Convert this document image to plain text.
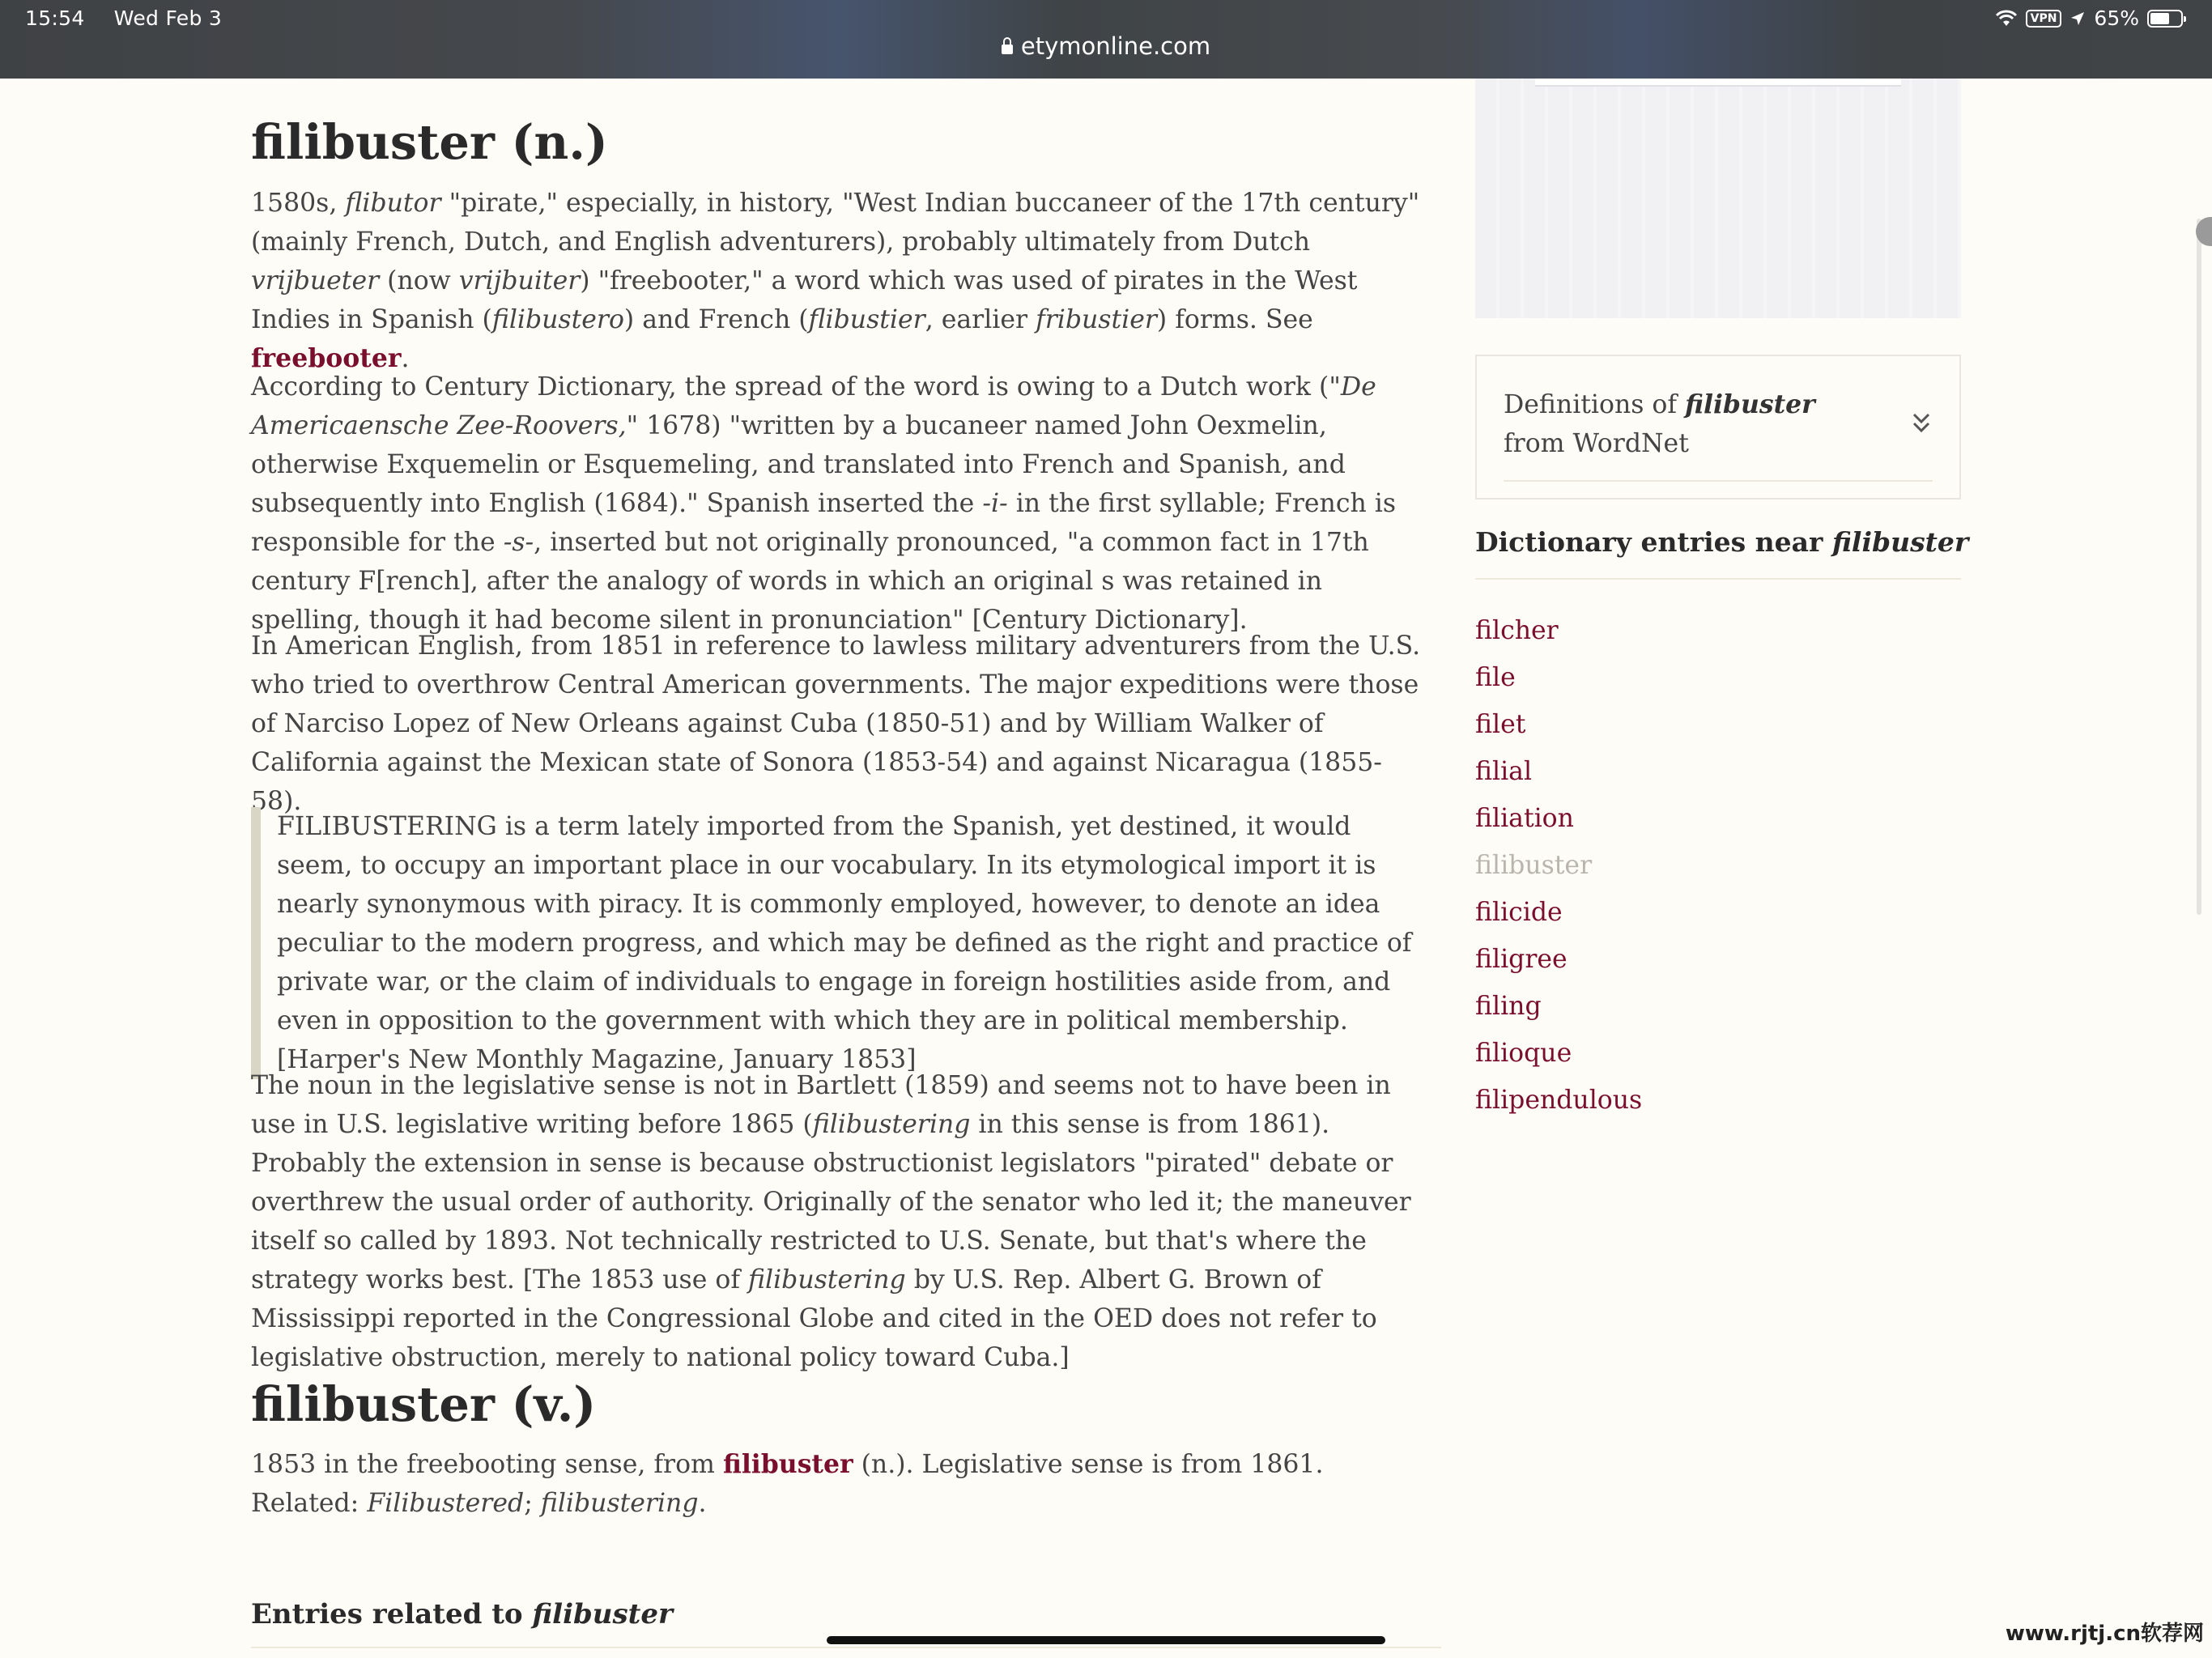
15:54 Wed Feb 3	VPN 65%
etymonline.com
filibuster (n.)

1580s, flibutor "pirate," especially, in history, "West Indian buccaneer of the 17th century" (mainly French, Dutch, and English adventurers), probably ultimately from Dutch vrijbueter (now vrijbuiter) "freebooter," a word which was used of pirates in the West Indies in Spanish (filibustero) and French (flibustier, earlier fribustier) forms. See freebooter.

According to Century Dictionary, the spread of the word is owing to a Dutch work ("De Americaensche Zee-Roovers," 1678) "written by a bucaneer named John Oexmelin, otherwise Exquemelin or Esquemeling, and translated into French and Spanish, and subsequently into English (1684)." Spanish inserted the -i- in the first syllable; French is responsible for the -s-, inserted but not originally pronounced, "a common fact in 17th century F[rench], after the analogy of words in which an original s was retained in spelling, though it had become silent in pronunciation" [Century Dictionary].

In American English, from 1851 in reference to lawless military adventurers from the U.S. who tried to overthrow Central American governments. The major expeditions were those of Narciso Lopez of New Orleans against Cuba (1850-51) and by William Walker of California against the Mexican state of Sonora (1853-54) and against Nicaragua (1855-58).

FILIBUSTERING is a term lately imported from the Spanish, yet destined, it would seem, to occupy an important place in our vocabulary. In its etymological import it is nearly synonymous with piracy. It is commonly employed, however, to denote an idea peculiar to the modern progress, and which may be defined as the right and practice of private war, or the claim of individuals to engage in foreign hostilities aside from, and even in opposition to the government with which they are in political membership. [Harper's New Monthly Magazine, January 1853]

The noun in the legislative sense is not in Bartlett (1859) and seems not to have been in use in U.S. legislative writing before 1865 (filibustering in this sense is from 1861). Probably the extension in sense is because obstructionist legislators "pirated" debate or overthrew the usual order of authority. Originally of the senator who led it; the maneuver itself so called by 1893. Not technically restricted to U.S. Senate, but that's where the strategy works best. [The 1853 use of filibustering by U.S. Rep. Albert G. Brown of Mississippi reported in the Congressional Globe and cited in the OED does not refer to legislative obstruction, merely to national policy toward Cuba.]

filibuster (v.)

1853 in the freebooting sense, from filibuster (n.). Legislative sense is from 1861. Related: Filibustered; filibustering.

Entries related to filibuster
Definitions of filibuster from WordNet
Dictionary entries near filibuster
filcher
file
filet
filial
filiation
filibuster
filicide
filigree
filing
filioque
filipendulous
www.rjtj.cn软荐网
